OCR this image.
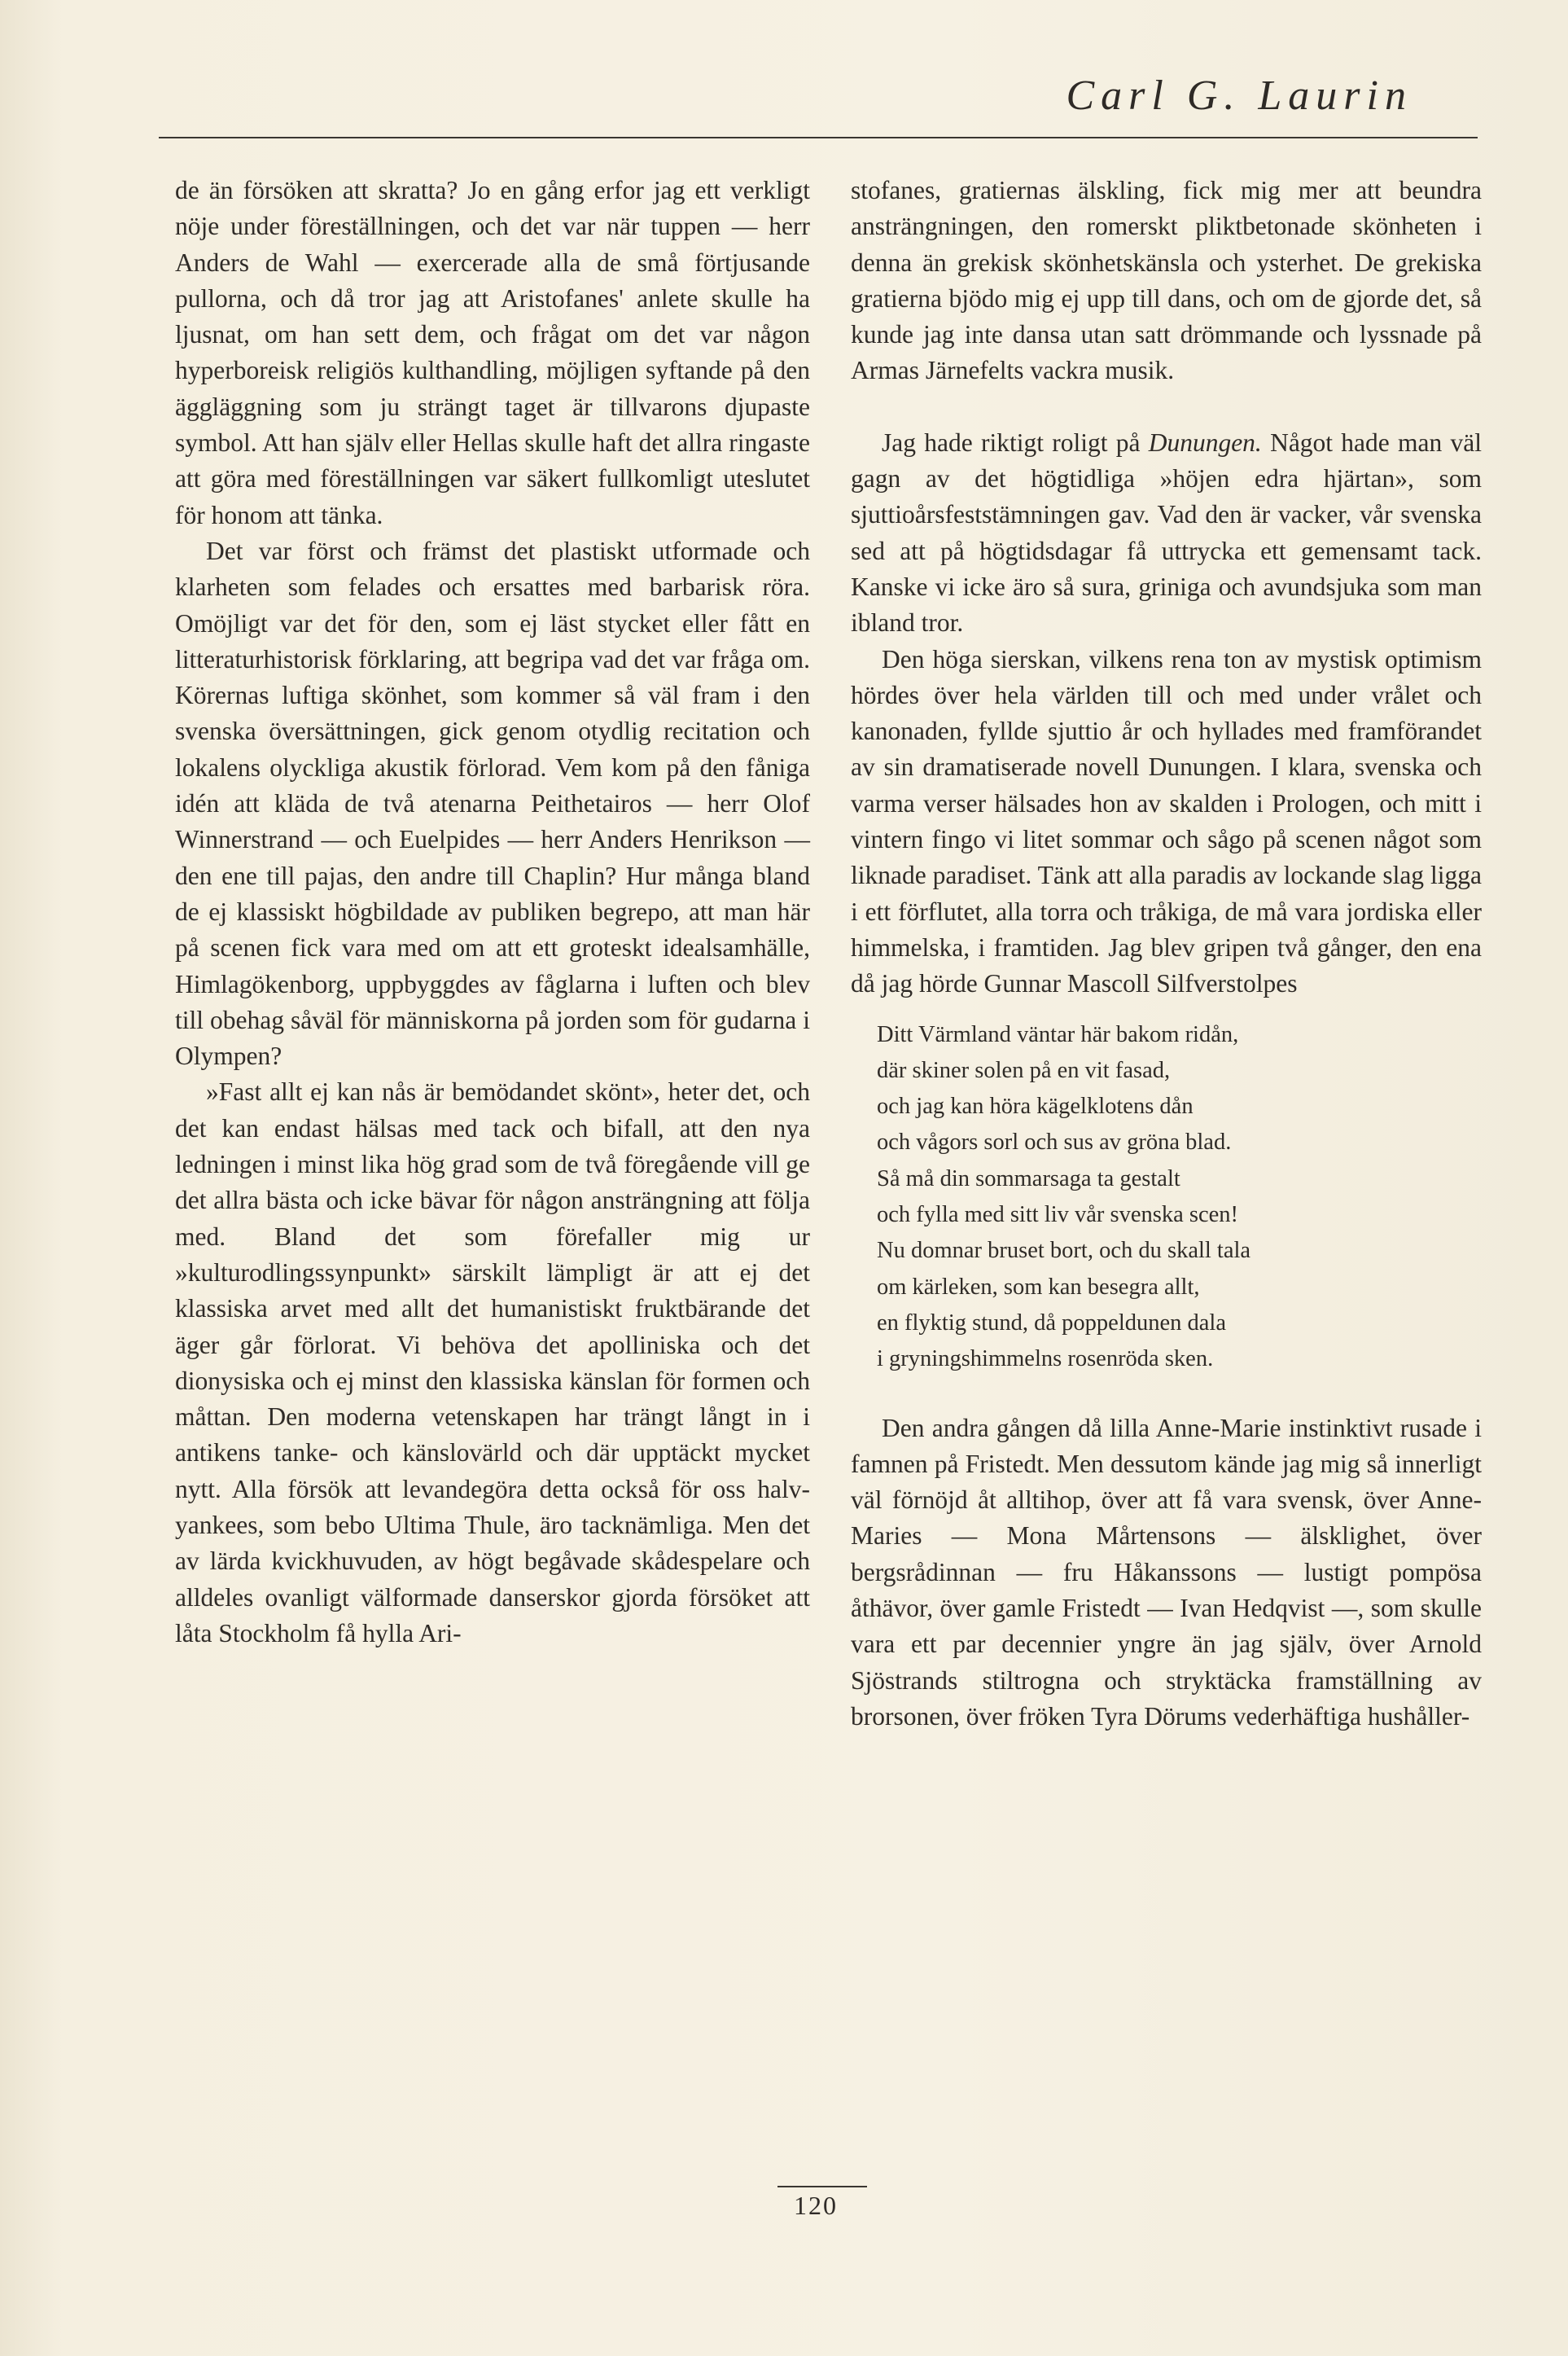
Carl G. Laurin

de än försöken att skratta? Jo en gång erfor jag ett verkligt nöje under föreställningen, och det var när tuppen — herr Anders de Wahl — exercerade alla de små förtjusande pullorna, och då tror jag att Aristofanes' anlete skulle ha ljusnat, om han sett dem, och frågat om det var någon hyperboreisk religiös kulthandling, möjligen syftande på den äggläggning som ju strängt taget är tillvarons djupaste symbol. Att han själv eller Hellas skulle haft det allra ringaste att göra med föreställningen var säkert fullkomligt uteslutet för honom att tänka.

Det var först och främst det plastiskt utformade och klarheten som felades och ersattes med barbarisk röra. Omöjligt var det för den, som ej läst stycket eller fått en litteraturhistorisk förklaring, att begripa vad det var fråga om. Körernas luftiga skönhet, som kommer så väl fram i den svenska översättningen, gick genom otydlig recitation och lokalens olyckliga akustik förlorad. Vem kom på den fåniga idén att kläda de två atenarna Peithetairos — herr Olof Winnerstrand — och Euelpides — herr Anders Henrikson — den ene till pajas, den andre till Chaplin? Hur många bland de ej klassiskt högbildade av publiken begrepo, att man här på scenen fick vara med om att ett groteskt idealsamhälle, Himlagökenborg, uppbyggdes av fåglarna i luften och blev till obehag såväl för människorna på jorden som för gudarna i Olympen?

»Fast allt ej kan nås är bemödandet skönt», heter det, och det kan endast hälsas med tack och bifall, att den nya ledningen i minst lika hög grad som de två föregående vill ge det allra bästa och icke bävar för någon ansträngning att följa med. Bland det som förefaller mig ur »kulturodlingssynpunkt» särskilt lämpligt är att ej det klassiska arvet med allt det humanistiskt fruktbärande det äger går förlorat. Vi behöva det apolliniska och det dionysiska och ej minst den klassiska känslan för formen och måttan. Den moderna vetenskapen har trängt långt in i antikens tanke- och känslovärld och där upptäckt mycket nytt. Alla försök att levandegöra detta också för oss halv-yankees, som bebo Ultima Thule, äro tacknämliga. Men det av lärda kvickhuvuden, av högt begåvade skådespelare och alldeles ovanligt välformade danserskor gjorda försöket att låta Stockholm få hylla Ari-

stofanes, gratiernas älskling, fick mig mer att beundra ansträngningen, den romerskt pliktbetonade skönheten i denna än grekisk skönhetskänsla och ysterhet. De grekiska gratierna bjödo mig ej upp till dans, och om de gjorde det, så kunde jag inte dansa utan satt drömmande och lyssnade på Armas Järnefelts vackra musik.

Jag hade riktigt roligt på Dunungen. Något hade man väl gagn av det högtidliga »höjen edra hjärtan», som sjuttioårsfeststämningen gav. Vad den är vacker, vår svenska sed att på högtidsdagar få uttrycka ett gemensamt tack. Kanske vi icke äro så sura, griniga och avundsjuka som man ibland tror.

Den höga sierskan, vilkens rena ton av mystisk optimism hördes över hela världen till och med under vrålet och kanonaden, fyllde sjuttio år och hyllades med framförandet av sin dramatiserade novell Dunungen. I klara, svenska och varma verser hälsades hon av skalden i Prologen, och mitt i vintern fingo vi litet sommar och sågo på scenen något som liknade paradiset. Tänk att alla paradis av lockande slag ligga i ett förflutet, alla torra och tråkiga, de må vara jordiska eller himmelska, i framtiden. Jag blev gripen två gånger, den ena då jag hörde Gunnar Mascoll Silfverstolpes

Ditt Värmland väntar här bakom ridån,
där skiner solen på en vit fasad,
och jag kan höra kägelklotens dån
och vågors sorl och sus av gröna blad.
Så må din sommarsaga ta gestalt
och fylla med sitt liv vår svenska scen!
Nu domnar bruset bort, och du skall tala
om kärleken, som kan besegra allt,
en flyktig stund, då poppeldunen dala
i gryningshimmelns rosenröda sken.

Den andra gången då lilla Anne-Marie instinktivt rusade i famnen på Fristedt. Men dessutom kände jag mig så innerligt väl förnöjd åt alltihop, över att få vara svensk, över Anne-Maries — Mona Mårtensons — älsklighet, över bergsrådinnan — fru Håkanssons — lustigt pompösa åthävor, över gamle Fristedt — Ivan Hedqvist —, som skulle vara ett par decennier yngre än jag själv, över Arnold Sjöstrands stiltrogna och stryktäcka framställning av brorsonen, över fröken Tyra Dörums vederhäftiga hushåller-

120
